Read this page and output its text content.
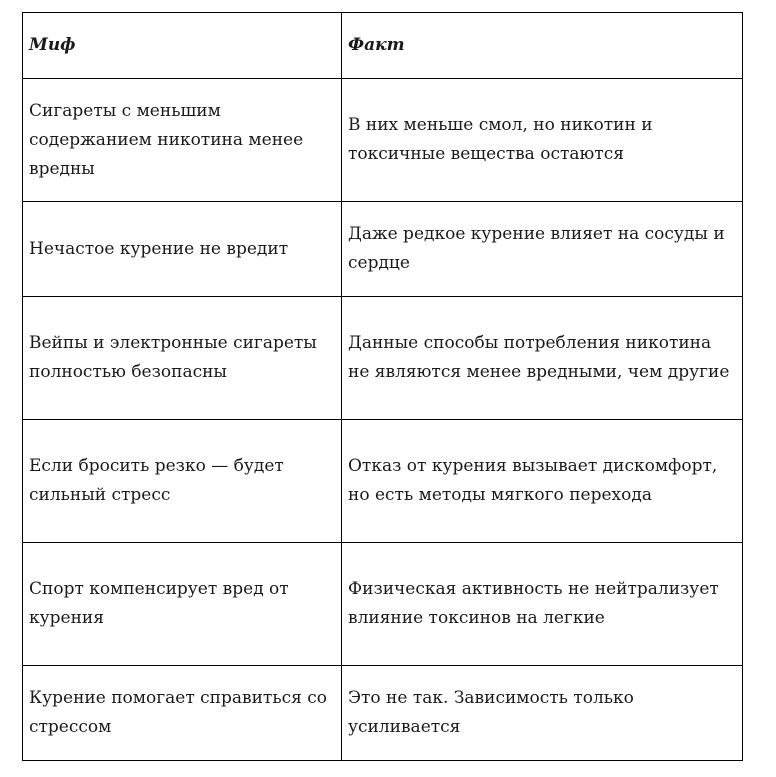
Миф	Факт
Сигареты с меньшим содержанием никотина менее вредны	В них меньше смол, но никотин и токсичные вещества остаются
Нечастое курение не вредит	Даже редкое курение влияет на сосуды и сердце
Вейпы и электронные сигареты полностью безопасны	Данные способы потребления никотина не являются менее вредными, чем другие
Если бросить резко — будет сильный стресс	Отказ от курения вызывает дискомфорт, но есть методы мягкого перехода
Спорт компенсирует вред от курения	Физическая активность не нейтрализует влияние токсинов на легкие
Курение помогает справиться со стрессом	Это не так. Зависимость только усиливается
